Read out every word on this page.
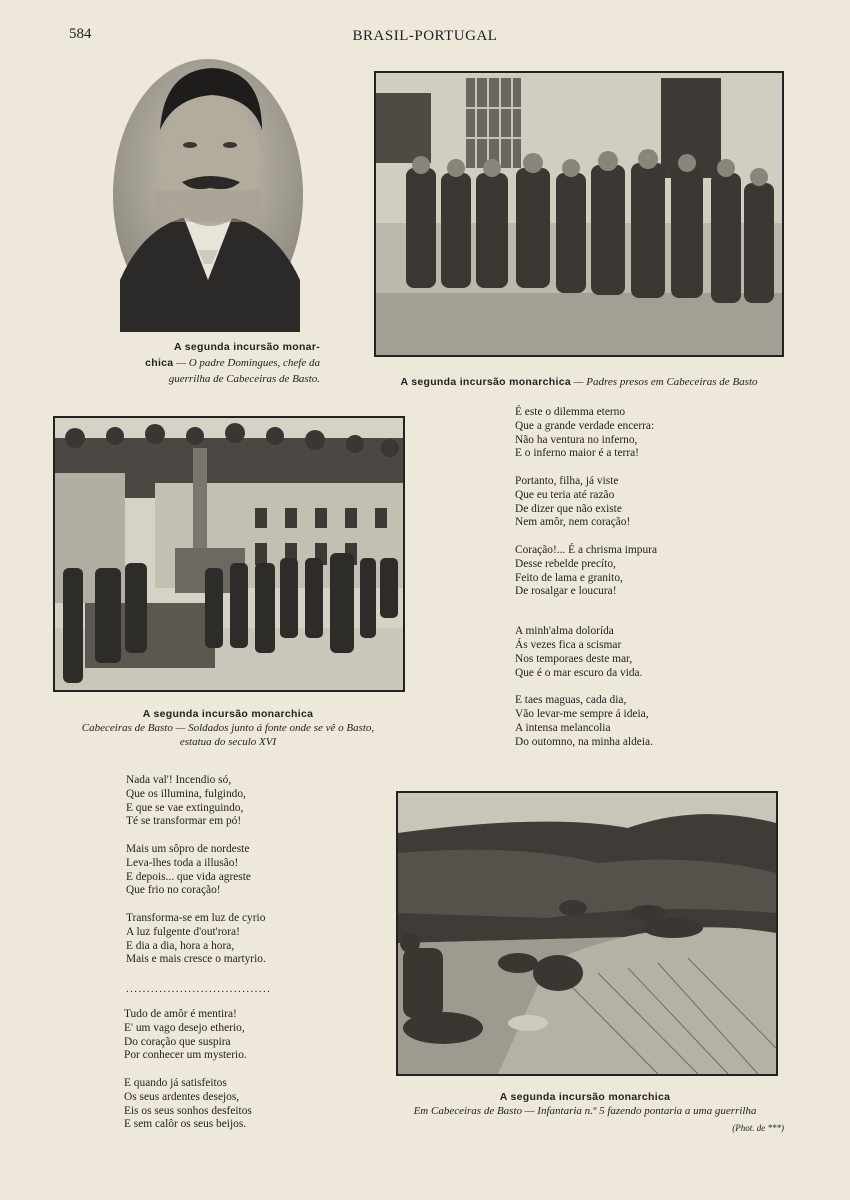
584	BRASIL-PORTUGAL
A segunda incursão monar-
chica — O padre Domingues, chefe da
guerrilha de Cabeceiras de Basto.	A segunda incursão monarchica — Padres presos em Cabeceiras de Basto
A segunda incursão monarchica
Cabeceiras de Basto — Soldados junto á fonte onde se vê o Basto,
estatua do seculo XVI
É este o dilemma eterno
Que a grande verdade encerra:
Não ha ventura no inferno,
E o inferno maior é a terra!
Portanto, filha, já viste
Que eu teria até razão
De dizer que não existe
Nem amôr, nem coração!
Coração!... É a chrisma impura
Desse rebelde precíto,
Feito de lama e granito,
De rosalgar e loucura!
A minh'alma dolorída
Ás vezes fica a scismar
Nos temporaes deste mar,
Que é o mar escuro da vida.
E taes maguas, cada dia,
Vão levar-me sempre á ideia,
A intensa melancolia
Do outomno, na minha aldeia.
Nada val'! Incendio só,
Que os illumina, fulgindo,
E que se vae extinguindo,
Té se transformar em pó!
Mais um sôpro de nordeste
Leva-lhes toda a illusão!
E depois... que vida agreste
Que frio no coração!
Transforma-se em luz de cyrio
A luz fulgente d'out'rora!
E dia a dia, hora a hora,
Mais e mais cresce o martyrio.
...................................
Tudo de amôr é mentira!
E' um vago desejo etherio,
Do coração que suspira
Por conhecer um mysterio.
E quando já satisfeitos
Os seus ardentes desejos,
Eis os seus sonhos desfeitos
E sem calôr os seus beijos.
A segunda incursão monarchica
Em Cabeceiras de Basto — Infantaria n.º 5 fazendo pontaria a uma guerrilha
(Phot. de ***)
